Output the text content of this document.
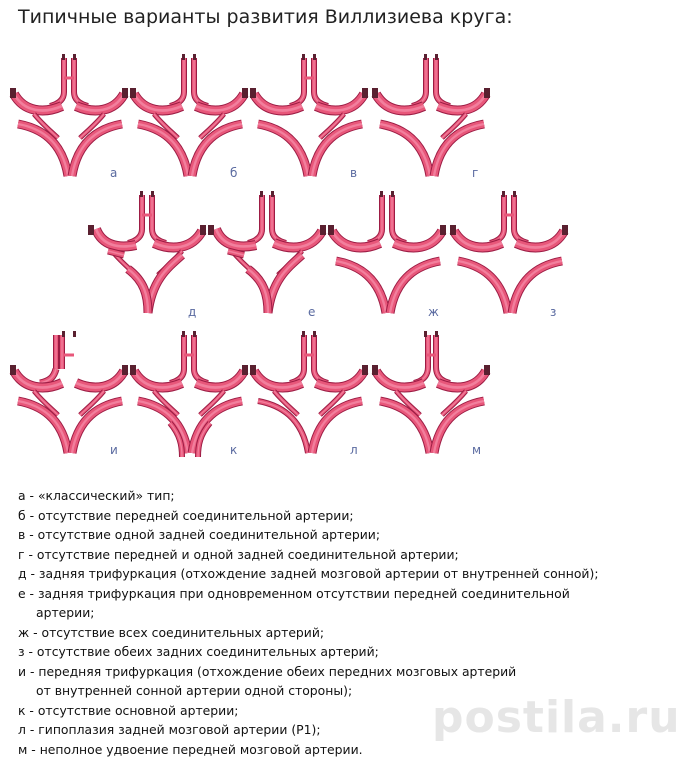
Типичные варианты развития Виллизиева круга:
а	б	в	г
д	е	ж	з
и	к	л	м
а - «классический» тип;
б - отсутствие передней соединительной артерии;
в - отсутствие одной задней соединительной артерии;
г - отсутствие передней и одной задней соединительной артерии;
д - задняя трифуркация (отхождение задней мозговой артерии от внутренней сонной);
е - задняя трифуркация при одновременном отсутствии передней соединительной
артерии;
ж - отсутствие всех соединительных артерий;
з - отсутствие обеих задних соединительных артерий;
и - передняя трифуркация (отхождение обеих передних мозговых артерий
от внутренней сонной артерии одной стороны);
к - отсутствие основной артерии;
л - гипоплазия задней мозговой артерии (P1);
м - неполное удвоение передней мозговой артерии.
postila.ru
